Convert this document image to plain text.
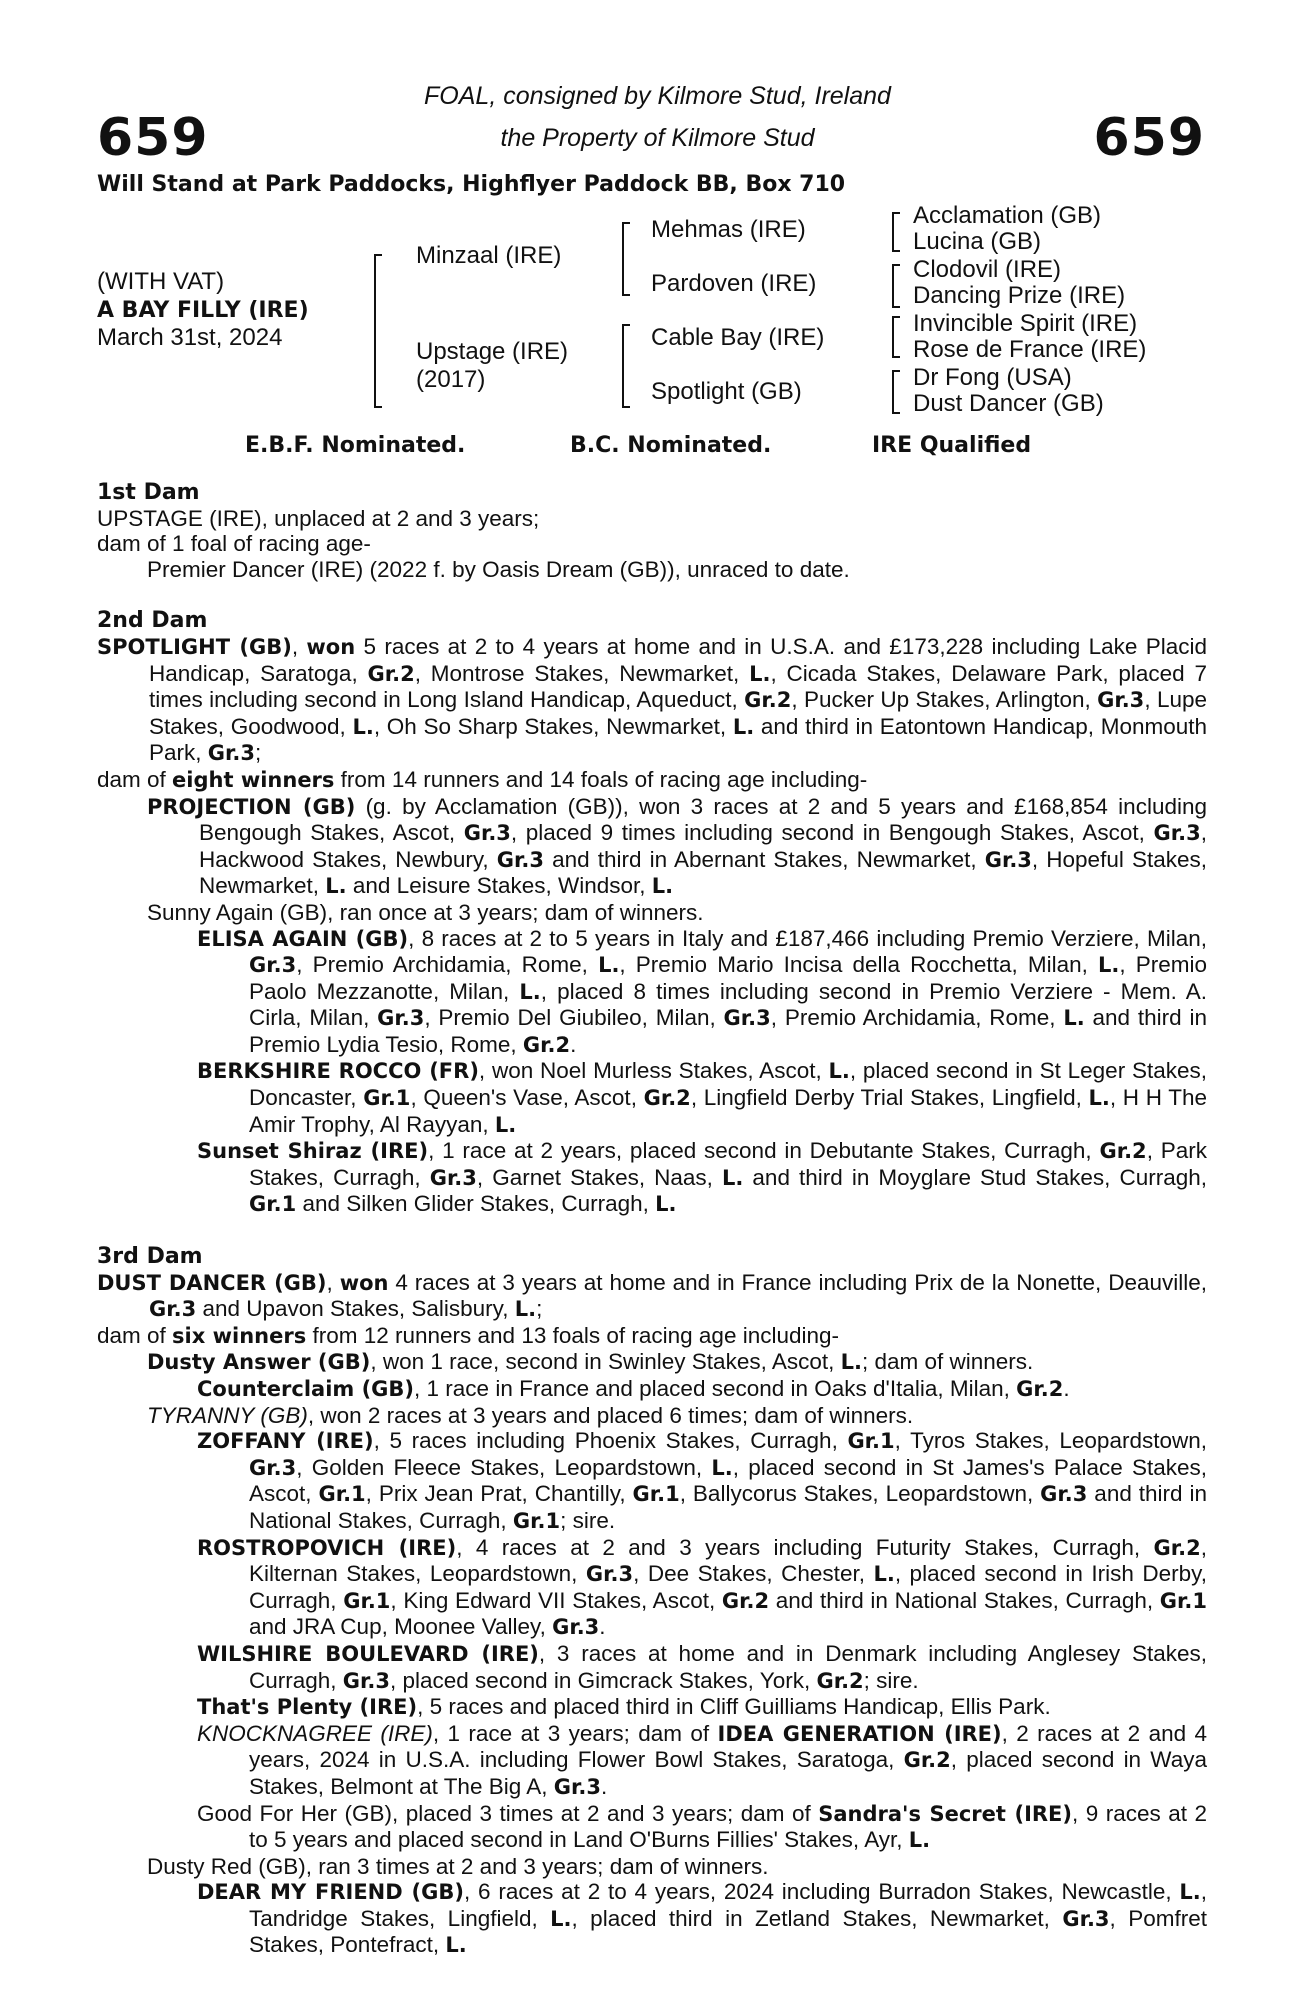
659	659
FOAL, consigned by Kilmore Stud, Ireland
the Property of Kilmore Stud
Will Stand at Park Paddocks, Highflyer Paddock BB, Box 710
(WITH VAT)
A BAY FILLY (IRE)
March 31st, 2024
Minzaal (IRE)
Upstage (IRE)
(2017)
Mehmas (IRE)
Pardoven (IRE)
Cable Bay (IRE)
Spotlight (GB)
Acclamation (GB)
Lucina (GB)
Clodovil (IRE)
Dancing Prize (IRE)
Invincible Spirit (IRE)
Rose de France (IRE)
Dr Fong (USA)
Dust Dancer (GB)
E.B.F. Nominated.	B.C. Nominated.	IRE Qualified

1st Dam

UPSTAGE (IRE), unplaced at 2 and 3 years;

dam of 1 foal of racing age-

Premier Dancer (IRE) (2022 f. by Oasis Dream (GB)), unraced to date.

2nd Dam

SPOTLIGHT (GB), won 5 races at 2 to 4 years at home and in U.S.A. and £173,228 including Lake Placid Handicap, Saratoga, Gr.2, Montrose Stakes, Newmarket, L., Cicada Stakes, Delaware Park, placed 7 times including second in Long Island Handicap, Aqueduct, Gr.2, Pucker Up Stakes, Arlington, Gr.3, Lupe Stakes, Goodwood, L., Oh So Sharp Stakes, Newmarket, L. and third in Eatontown Handicap, Monmouth Park, Gr.3;

dam of eight winners from 14 runners and 14 foals of racing age including-

PROJECTION (GB) (g. by Acclamation (GB)), won 3 races at 2 and 5 years and £168,854 including Bengough Stakes, Ascot, Gr.3, placed 9 times including second in Bengough Stakes, Ascot, Gr.3, Hackwood Stakes, Newbury, Gr.3 and third in Abernant Stakes, Newmarket, Gr.3, Hopeful Stakes, Newmarket, L. and Leisure Stakes, Windsor, L.

Sunny Again (GB), ran once at 3 years; dam of winners.

ELISA AGAIN (GB), 8 races at 2 to 5 years in Italy and £187,466 including Premio Verziere, Milan, Gr.3, Premio Archidamia, Rome, L., Premio Mario Incisa della Rocchetta, Milan, L., Premio Paolo Mezzanotte, Milan, L., placed 8 times including second in Premio Verziere - Mem. A. Cirla, Milan, Gr.3, Premio Del Giubileo, Milan, Gr.3, Premio Archidamia, Rome, L. and third in Premio Lydia Tesio, Rome, Gr.2.

BERKSHIRE ROCCO (FR), won Noel Murless Stakes, Ascot, L., placed second in St Leger Stakes, Doncaster, Gr.1, Queen's Vase, Ascot, Gr.2, Lingfield Derby Trial Stakes, Lingfield, L., H H The Amir Trophy, Al Rayyan, L.

Sunset Shiraz (IRE), 1 race at 2 years, placed second in Debutante Stakes, Curragh, Gr.2, Park Stakes, Curragh, Gr.3, Garnet Stakes, Naas, L. and third in Moyglare Stud Stakes, Curragh, Gr.1 and Silken Glider Stakes, Curragh, L.

3rd Dam

DUST DANCER (GB), won 4 races at 3 years at home and in France including Prix de la Nonette, Deauville, Gr.3 and Upavon Stakes, Salisbury, L.;

dam of six winners from 12 runners and 13 foals of racing age including-

Dusty Answer (GB), won 1 race, second in Swinley Stakes, Ascot, L.; dam of winners.

Counterclaim (GB), 1 race in France and placed second in Oaks d'Italia, Milan, Gr.2.

TYRANNY (GB), won 2 races at 3 years and placed 6 times; dam of winners.

ZOFFANY (IRE), 5 races including Phoenix Stakes, Curragh, Gr.1, Tyros Stakes, Leopardstown, Gr.3, Golden Fleece Stakes, Leopardstown, L., placed second in St James's Palace Stakes, Ascot, Gr.1, Prix Jean Prat, Chantilly, Gr.1, Ballycorus Stakes, Leopardstown, Gr.3 and third in National Stakes, Curragh, Gr.1; sire.

ROSTROPOVICH (IRE), 4 races at 2 and 3 years including Futurity Stakes, Curragh, Gr.2, Kilternan Stakes, Leopardstown, Gr.3, Dee Stakes, Chester, L., placed second in Irish Derby, Curragh, Gr.1, King Edward VII Stakes, Ascot, Gr.2 and third in National Stakes, Curragh, Gr.1 and JRA Cup, Moonee Valley, Gr.3.

WILSHIRE BOULEVARD (IRE), 3 races at home and in Denmark including Anglesey Stakes, Curragh, Gr.3, placed second in Gimcrack Stakes, York, Gr.2; sire.

That's Plenty (IRE), 5 races and placed third in Cliff Guilliams Handicap, Ellis Park.

KNOCKNAGREE (IRE), 1 race at 3 years; dam of IDEA GENERATION (IRE), 2 races at 2 and 4 years, 2024 in U.S.A. including Flower Bowl Stakes, Saratoga, Gr.2, placed second in Waya Stakes, Belmont at The Big A, Gr.3.

Good For Her (GB), placed 3 times at 2 and 3 years; dam of Sandra's Secret (IRE), 9 races at 2 to 5 years and placed second in Land O'Burns Fillies' Stakes, Ayr, L.

Dusty Red (GB), ran 3 times at 2 and 3 years; dam of winners.

DEAR MY FRIEND (GB), 6 races at 2 to 4 years, 2024 including Burradon Stakes, Newcastle, L., Tandridge Stakes, Lingfield, L., placed third in Zetland Stakes, Newmarket, Gr.3, Pomfret Stakes, Pontefract, L.
